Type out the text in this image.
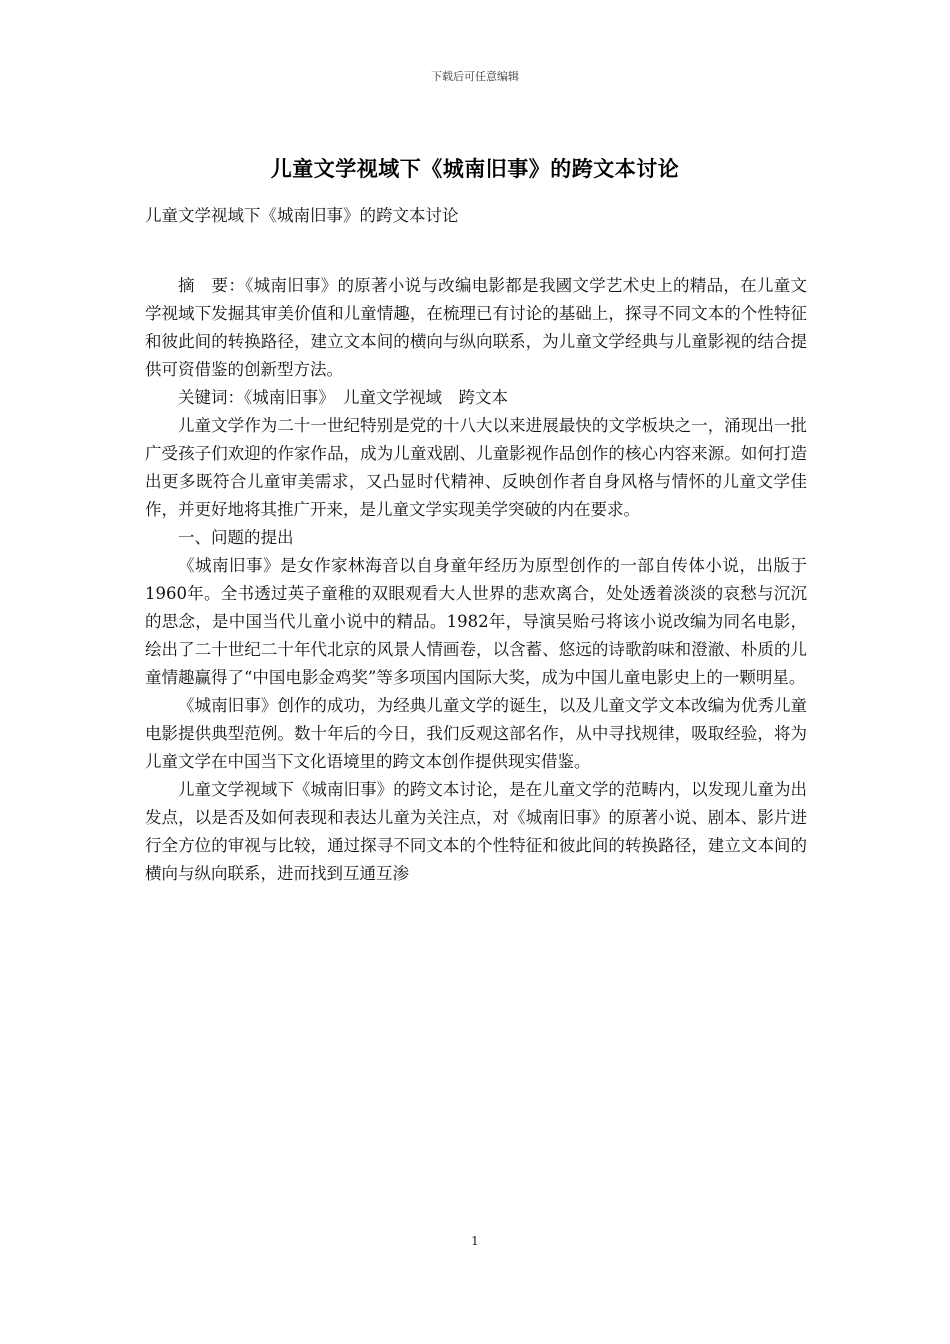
下载后可任意编辑
儿童文学视域下《城南旧事》的跨文本讨论
儿童文学视域下《城南旧事》的跨文本讨论

摘　要：《城南旧事》的原著小说与改编电影都是我國文学艺术史上的精品，在儿童文学视域下发掘其审美价值和儿童情趣，在梳理已有讨论的基础上，探寻不同文本的个性特征和彼此间的转换路径，建立文本间的横向与纵向联系，为儿童文学经典与儿童影视的结合提供可资借鉴的创新型方法。

关键词：《城南旧事》　儿童文学视域　跨文本

儿童文学作为二十一世纪特别是党的十八大以来进展最快的文学板块之一，涌现出一批广受孩子们欢迎的作家作品，成为儿童戏剧、儿童影视作品创作的核心内容来源。如何打造出更多既符合儿童审美需求，又凸显时代精神、反映创作者自身风格与情怀的儿童文学佳作，并更好地将其推广开来，是儿童文学实现美学突破的内在要求。

一、问题的提出

《城南旧事》是女作家林海音以自身童年经历为原型创作的一部自传体小说，出版于1960年。全书透过英子童稚的双眼观看大人世界的悲欢离合，处处透着淡淡的哀愁与沉沉的思念，是中国当代儿童小说中的精品。1982年，导演吴贻弓将该小说改编为同名电影，绘出了二十世纪二十年代北京的风景人情画卷，以含蓄、悠远的诗歌韵味和澄澈、朴质的儿童情趣赢得了“中国电影金鸡奖”等多项国内国际大奖，成为中国儿童电影史上的一颗明星。

《城南旧事》创作的成功，为经典儿童文学的诞生，以及儿童文学文本改编为优秀儿童电影提供典型范例。数十年后的今日，我们反观这部名作，从中寻找规律，吸取经验，将为儿童文学在中国当下文化语境里的跨文本创作提供现实借鉴。

儿童文学视域下《城南旧事》的跨文本讨论，是在儿童文学的范畴内，以发现儿童为出发点，以是否及如何表现和表达儿童为关注点，对《城南旧事》的原著小说、剧本、影片进行全方位的审视与比较，通过探寻不同文本的个性特征和彼此间的转换路径，建立文本间的横向与纵向联系，进而找到互通互渗

1
